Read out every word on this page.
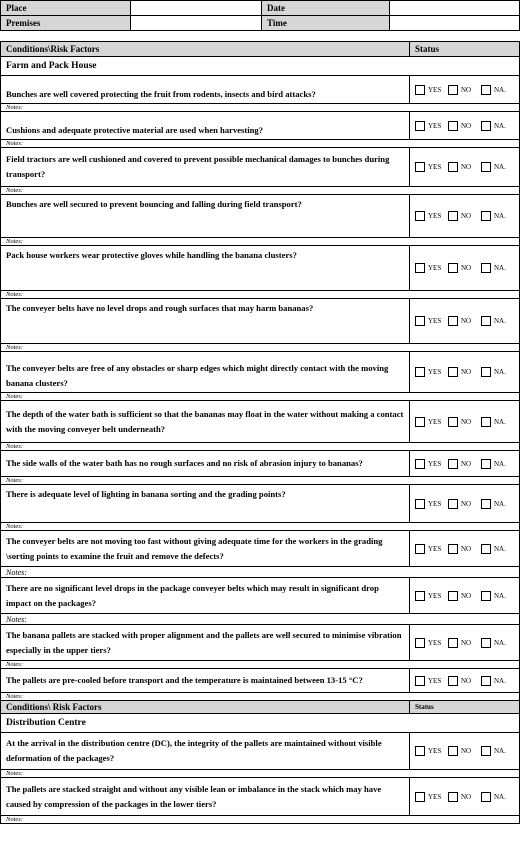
Place		Date	
Premises		Time	
Conditions\Risk Factors	Status
Farm and Pack House	
Bunches are well covered protecting the fruit from rodents, insects and bird attacks?	YES NO NA.

Notes:	
Cushions and adequate protective material are used when harvesting?	YES NO NA.

Notes:	
Field tractors are well cushioned and covered to prevent possible mechanical damages to bunches during transport?	YES NO NA.

Notes:	
Bunches are well secured to prevent bouncing and falling during field transport?	YES NO NA.

Notes:	
Pack house workers wear protective gloves while handling the banana clusters?	YES NO NA.

Notes:	
The conveyer belts have no level drops and rough surfaces that may harm bananas?	YES NO NA.

Notes:	
The conveyer belts are free of any obstacles or sharp edges which might directly contact with the moving banana clusters?	YES NO NA.

Notes:	
The depth of the water bath is sufficient so that the bananas may float in the water without making a contact with the moving conveyer belt underneath?	YES NO NA.

Notes:	
The side walls of the water bath has no rough surfaces and no risk of abrasion injury to bananas?	YES NO NA.

Notes:	
There is adequate level of lighting in banana sorting and the grading points?	YES NO NA.

Notes:	
The conveyer belts are not moving too fast without giving adequate time for the workers in the grading \sorting points to examine the fruit and remove the defects?	YES NO NA.

Notes:	
There are no significant level drops in the package conveyer belts which may result in significant drop impact on the packages?	YES NO NA.

Notes:	
The banana pallets are stacked with proper alignment and the pallets are well secured to minimise vibration especially in the upper tiers?	YES NO NA.

Notes:	
The pallets are pre-cooled before transport and the temperature is maintained between 13-15 °C?	YES NO NA.

Notes:	
Conditions\ Risk Factors	Status
Distribution Centre	
At the arrival in the distribution centre (DC), the integrity of the pallets are maintained without visible deformation of the packages?	YES NO NA.

Notes:	
The pallets are stacked straight and without any visible lean or imbalance in the stack which may have caused by compression of the packages in the lower tiers?	YES NO NA.

Notes:	
